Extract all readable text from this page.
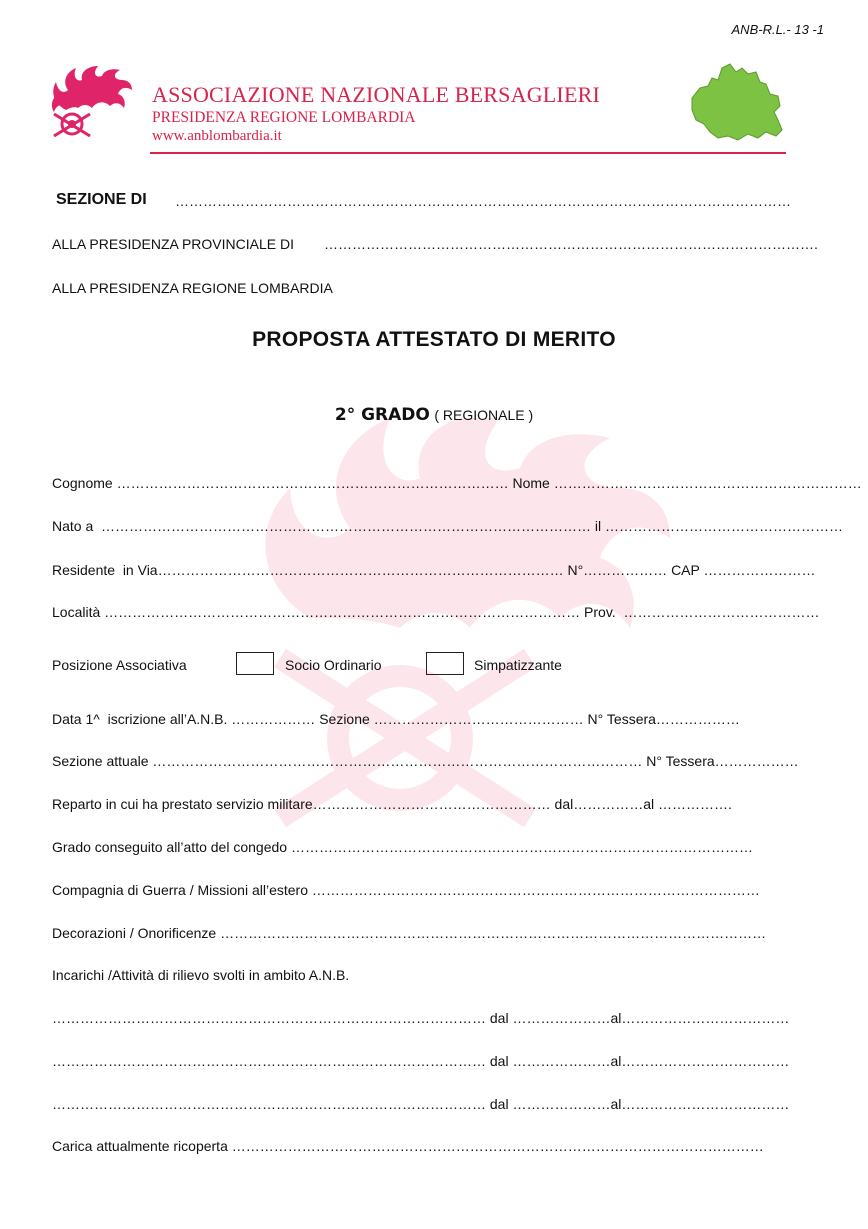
ANB-R.L.- 13 -1
ASSOCIAZIONE NAZIONALE BERSAGLIERI
PRESIDENZA REGIONE LOMBARDIA
www.anblombardia.it
SEZIONE DI ……………………………………………………………………………………………………………………
ALLA PRESIDENZA PROVINCIALE DI …………………………………………………………………………………………….
ALLA PRESIDENZA REGIONE LOMBARDIA
PROPOSTA ATTESTATO DI MERITO
2° GRADO ( REGIONALE )
Cognome ………………………………………………………………………… Nome …………………………………………………………
Nato a  …………………………………………………………………………………………… il ……………………………………………
Residente  in Via…………………………………………………………………………… N°……………… CAP ……………………
Località ………………………………………………………………………………………… Prov.  ……………………………………
Posizione Associativa	Socio Ordinario	Simpatizzante
Data 1^  iscrizione all’A.N.B. ……………… Sezione ……………………………………… N° Tessera………………
Sezione attuale …………………………………………………………………………………………… N° Tessera………………
Reparto in cui ha prestato servizio militare…………………………………………… dal……………al …………….
Grado conseguito all’atto del congedo ………………………………………………………………………………………
Compagnia di Guerra / Missioni all’estero ……………………………………………………………………………………
Decorazioni / Onorificenze ………………………………………………………………………………………………………
Incarichi /Attività di rilievo svolti in ambito A.N.B.
………………………………………………………………………………… dal …………………al………………………………
………………………………………………………………………………… dal …………………al………………………………
………………………………………………………………………………… dal …………………al………………………………
Carica attualmente ricoperta ……………………………………………………………………………………………………
